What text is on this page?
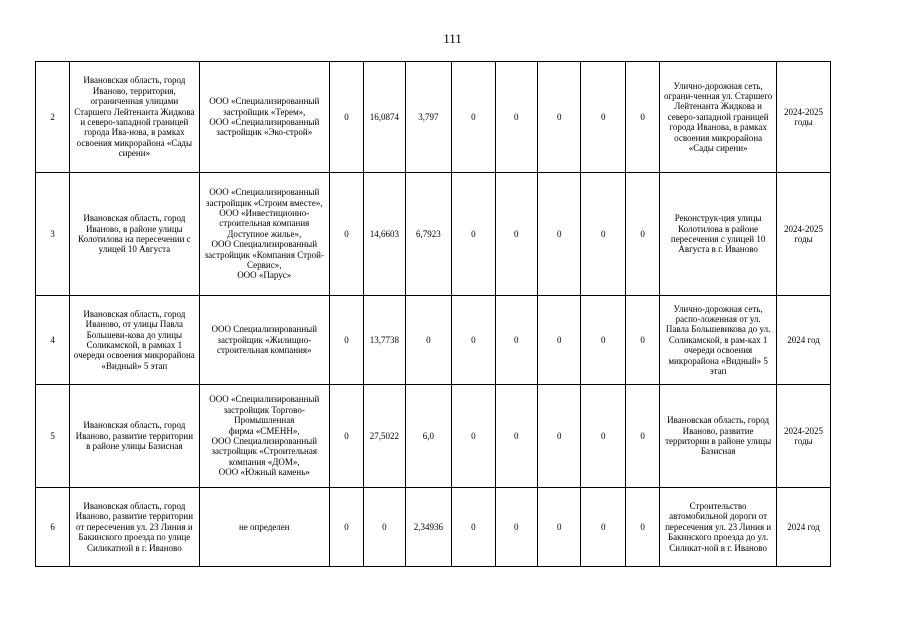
111
2	Ивановская область, город Иваново, территория, ограниченная улицами Старшего Лейтенанта Жидкова и северо-западной границей города Ива-нова, в рамках освоения микрорайона «Сады сирени»	ООО «Специализированный застройщик «Терем»,
ООО «Специализированный застройщик «Эко-строй»	0	16,0874	3,797	0	0	0	0	0	Улично-дорожная сеть, ограни-ченная ул. Старшего Лейтенанта Жидкова и северо-западной границей города Иванова, в рамках освоения микрорайона «Сады сирени»	2024-2025 годы
3	Ивановская область, город Иваново, в районе улицы Колотилова на пересечении с улицей 10 Августа	ООО «Специализированный застройщик «Строим вместе»,
ООО «Инвестиционно-строительная компания Доступное жилье»,
ООО Специализированный застройщик «Компания Строй-Сервис»,
ООО «Парус»	0	14,6603	6,7923	0	0	0	0	0	Реконструк-ция улицы Колотилова в районе пересечения с улицей 10 Августа в г. Иваново	2024-2025 годы
4	Ивановская область, город Иваново, от улицы Павла Большеви-кова до улицы Соликамской, в рамках 1 очереди освоения микрорайона «Видный» 5 этап	ООО Специализированный застройщик «Жилищно-строительная компания»	0	13,7738	0	0	0	0	0	0	Улично-дорожная сеть, распо-ложенная от ул. Павла Большевикова до ул. Соликамской, в рам-ках 1 очереди освоения микрорайона «Видный» 5 этап	2024 год
5	Ивановская область, город Иваново, развитие территории в районе улицы Базисная	ООО «Специализированный застройщик Торгово-Промышленная
фирма «СМЕНН»,
ООО Специализированный застройщик «Строительная компания «ДОМ»,
ООО «Южный камень»	0	27,5022	6,0	0	0	0	0	0	Ивановская область, город Иваново, развитие территории в районе улицы Базисная	2024-2025 годы
6	Ивановская область, город Иваново, развитие территории от пересечения ул. 23 Линия и Бакинского проезда по улице Силикатной в г. Иваново	не определен	0	0	2,34936	0	0	0	0	0	Строительство автомобильной дороги от пересечения ул. 23 Линия и Бакинского проезда до ул. Силикат-ной в г. Иваново	2024 год
